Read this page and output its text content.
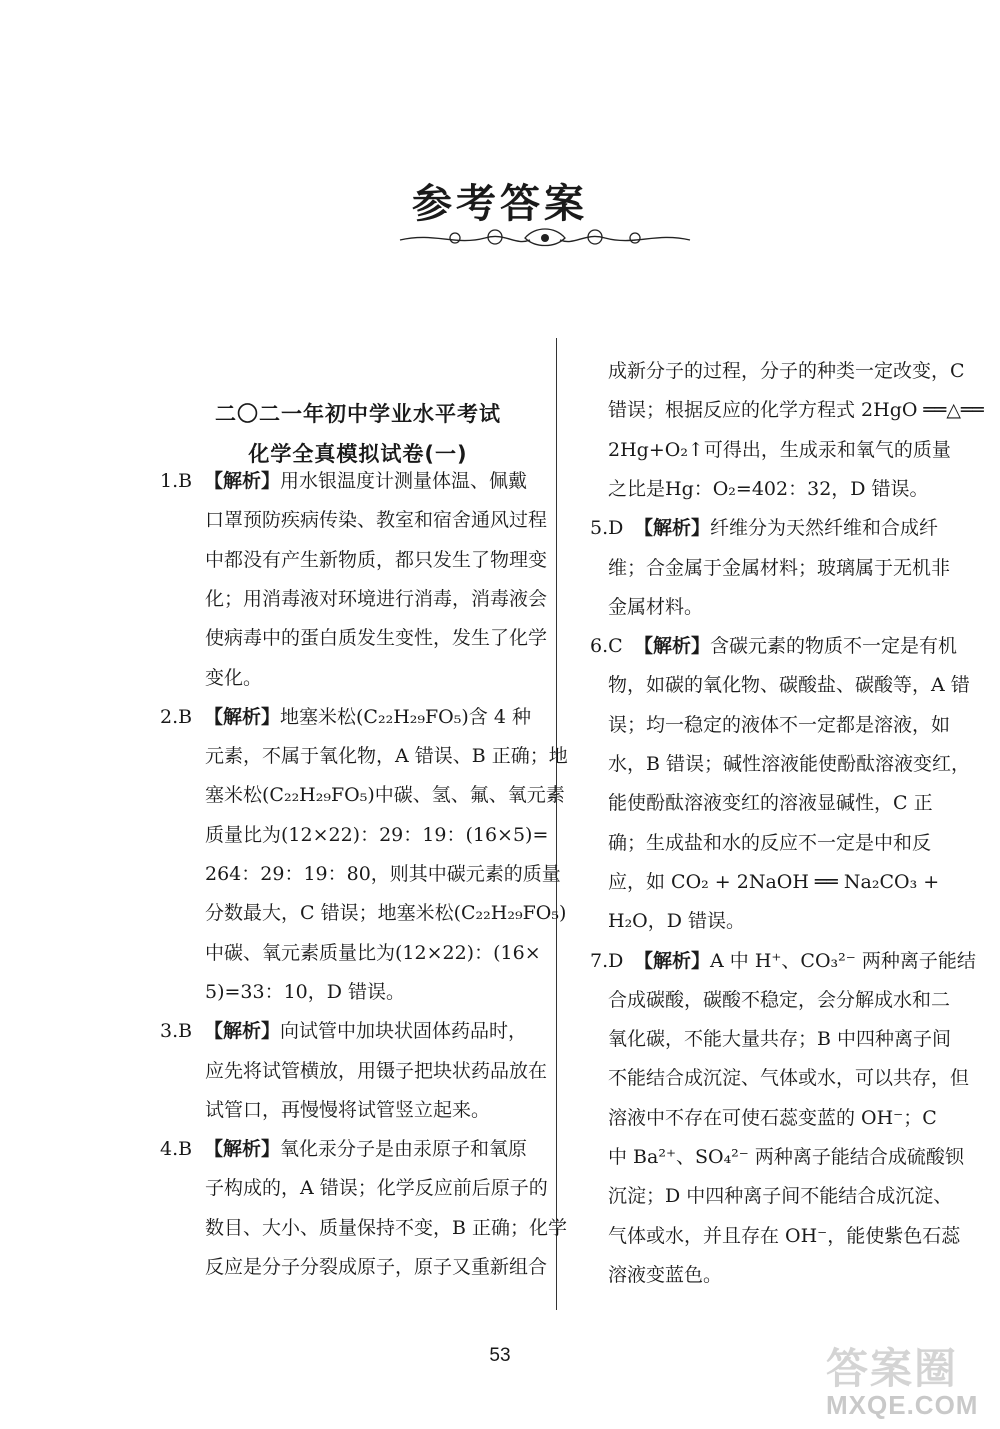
参考答案
二〇二一年初中学业水平考试
化学全真模拟试卷(一)
1.B 【解析】用水银温度计测量体温、佩戴
口罩预防疾病传染、教室和宿舍通风过程
中都没有产生新物质，都只发生了物理变
化；用消毒液对环境进行消毒，消毒液会
使病毒中的蛋白质发生变性，发生了化学
变化。
2.B 【解析】地塞米松(C₂₂H₂₉FO₅)含 4 种
元素，不属于氧化物，A 错误、B 正确；地
塞米松(C₂₂H₂₉FO₅)中碳、氢、氟、氧元素
质量比为(12×22)：29：19：(16×5)=
264：29：19：80，则其中碳元素的质量
分数最大，C 错误；地塞米松(C₂₂H₂₉FO₅)
中碳、氧元素质量比为(12×22)：(16×
5)=33：10，D 错误。
3.B 【解析】向试管中加块状固体药品时，
应先将试管横放，用镊子把块状药品放在
试管口，再慢慢将试管竖立起来。
4.B 【解析】氧化汞分子是由汞原子和氧原
子构成的，A 错误；化学反应前后原子的
数目、大小、质量保持不变，B 正确；化学
反应是分子分裂成原子，原子又重新组合
成新分子的过程，分子的种类一定改变，C
错误；根据反应的化学方程式 2HgO ══△══
2Hg+O₂↑可得出，生成汞和氧气的质量
之比是Hg：O₂=402：32，D 错误。
5.D 【解析】纤维分为天然纤维和合成纤
维；合金属于金属材料；玻璃属于无机非
金属材料。
6.C 【解析】含碳元素的物质不一定是有机
物，如碳的氧化物、碳酸盐、碳酸等，A 错
误；均一稳定的液体不一定都是溶液，如
水，B 错误；碱性溶液能使酚酞溶液变红，
能使酚酞溶液变红的溶液显碱性，C 正
确；生成盐和水的反应不一定是中和反
应，如 CO₂ + 2NaOH ══ Na₂CO₃ +
H₂O，D 错误。
7.D 【解析】A 中 H⁺、CO₃²⁻ 两种离子能结
合成碳酸，碳酸不稳定，会分解成水和二
氧化碳，不能大量共存；B 中四种离子间
不能结合成沉淀、气体或水，可以共存，但
溶液中不存在可使石蕊变蓝的 OH⁻；C
中 Ba²⁺、SO₄²⁻ 两种离子能结合成硫酸钡
沉淀；D 中四种离子间不能结合成沉淀、
气体或水，并且存在 OH⁻，能使紫色石蕊
溶液变蓝色。
53	答案圈
MXQE.COM
